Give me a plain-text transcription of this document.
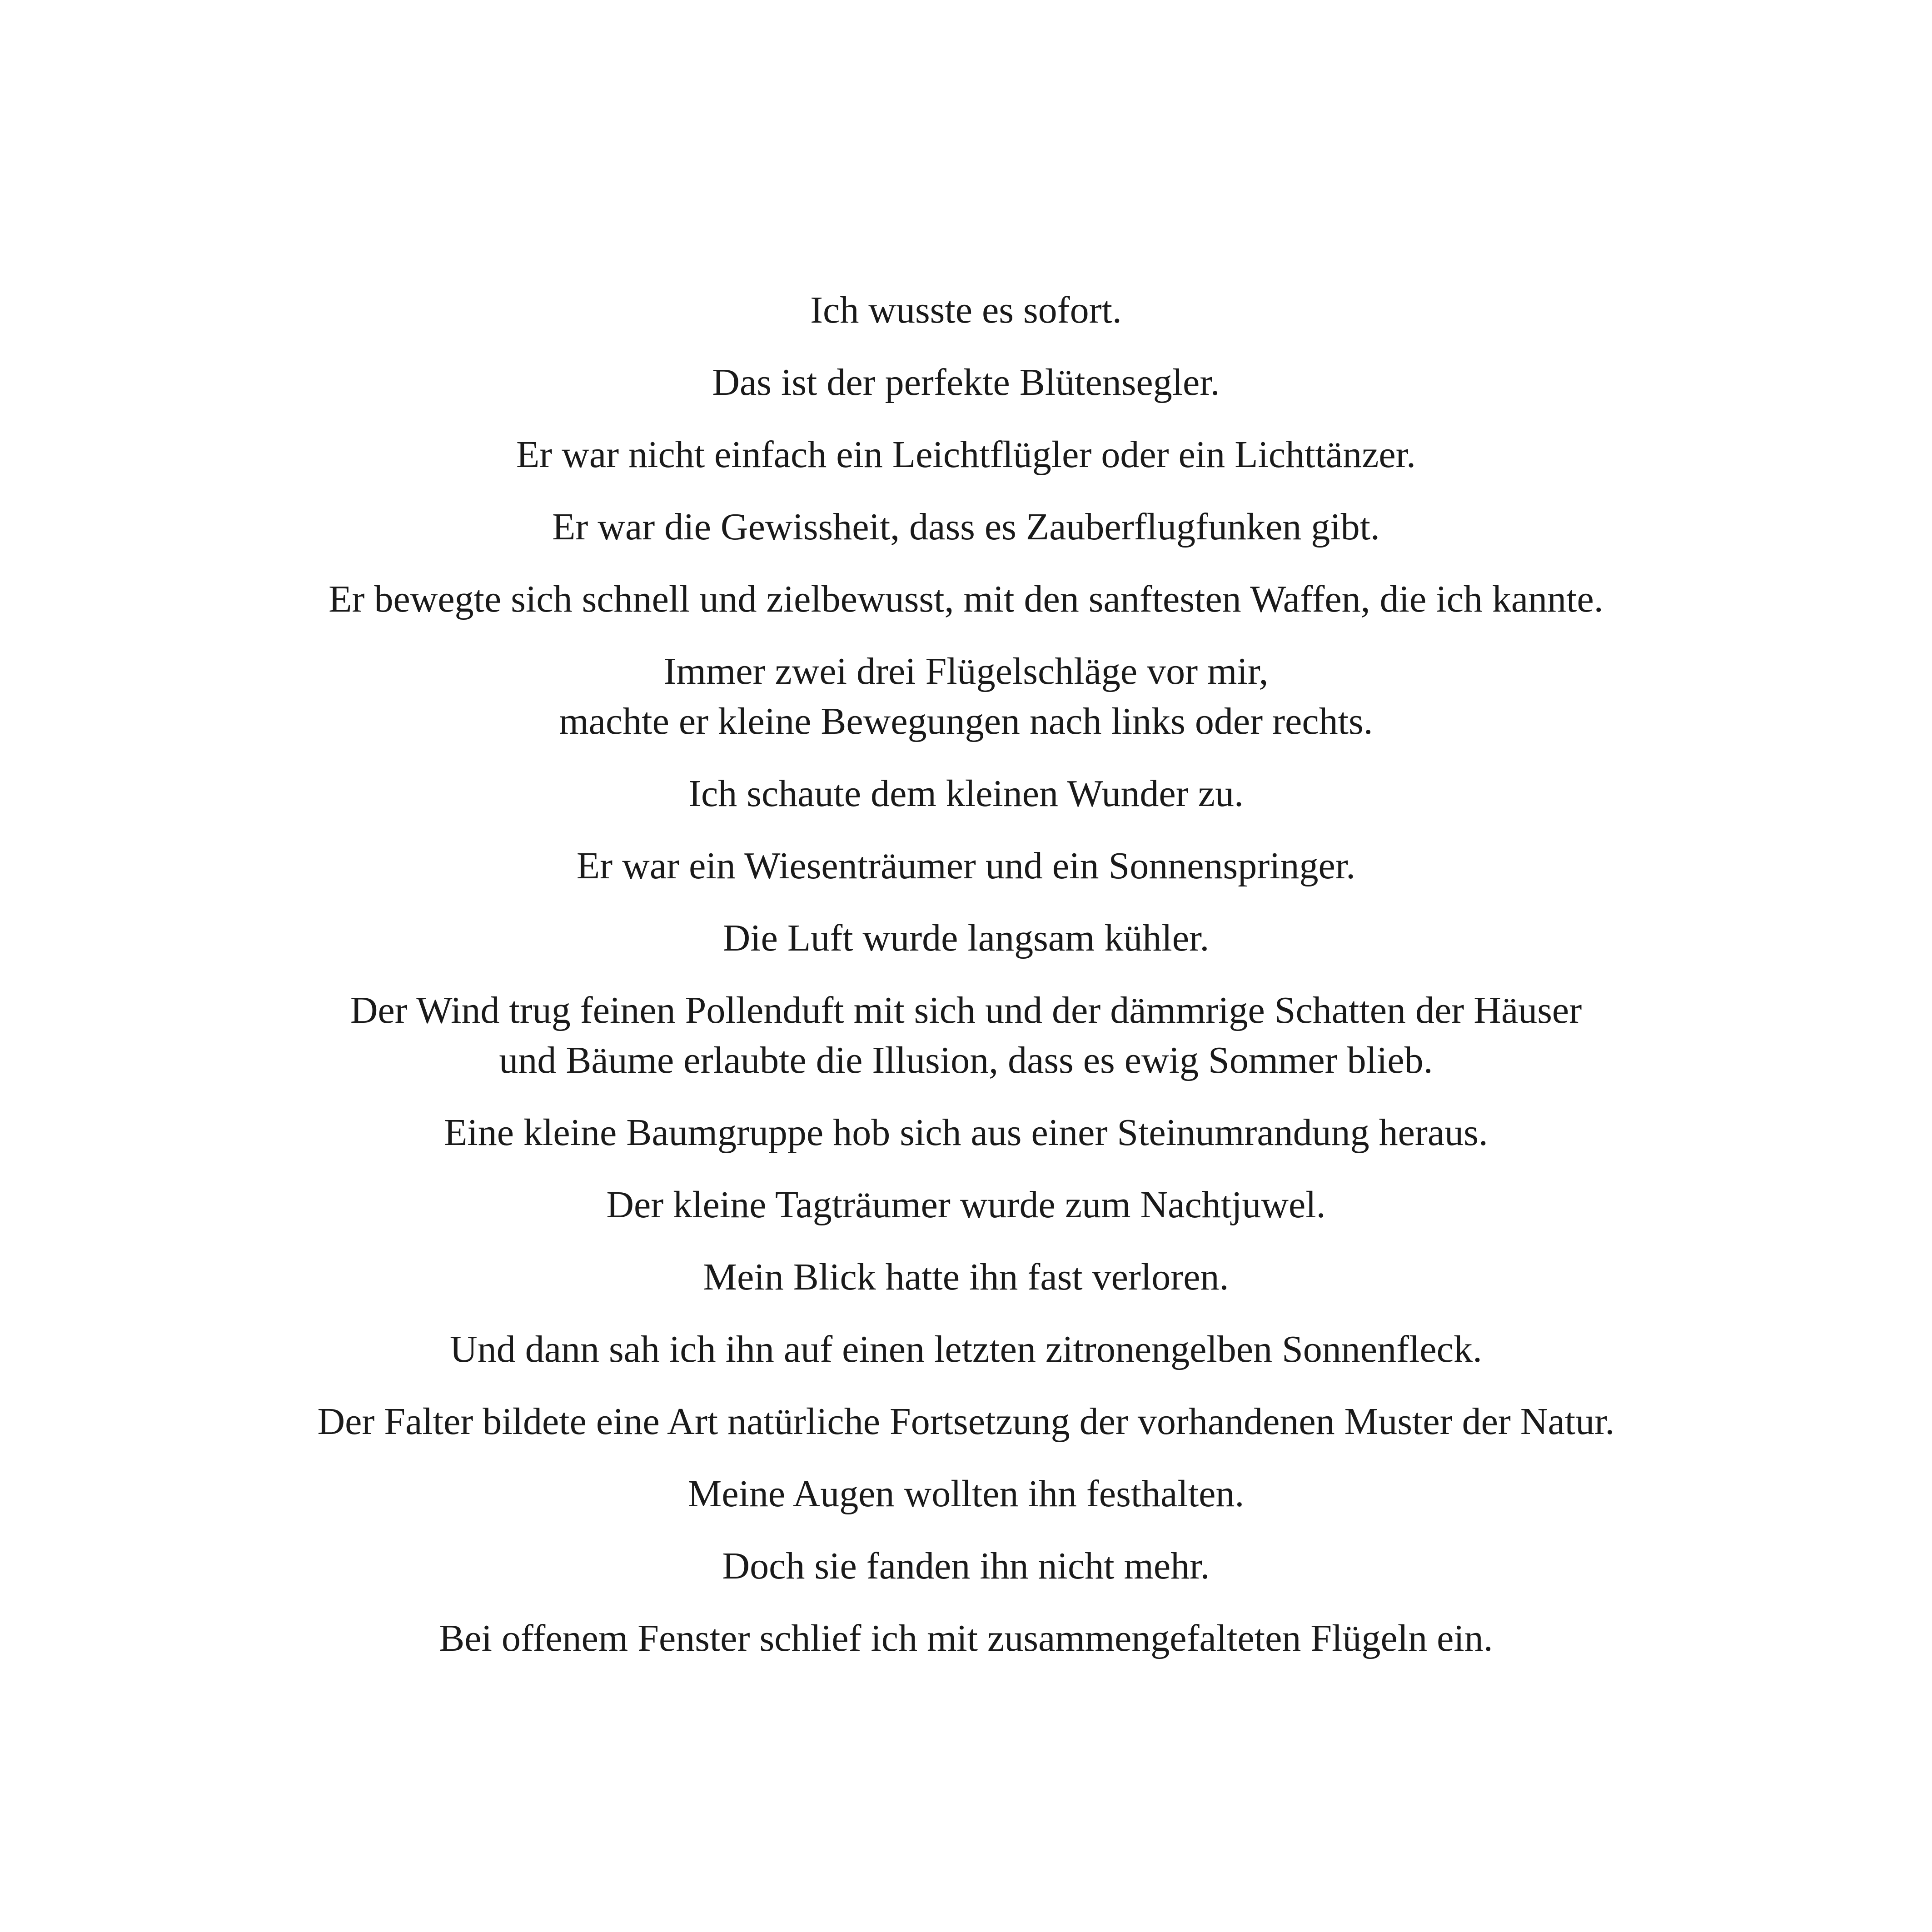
Ich wusste es sofort.

Das ist der perfekte Blütensegler.

Er war nicht einfach ein Leichtflügler oder ein Lichttänzer.

Er war die Gewissheit, dass es Zauberflugfunken gibt.

Er bewegte sich schnell und zielbewusst, mit den sanftesten Waffen, die ich kannte.

Immer zwei drei Flügelschläge vor mir,
machte er kleine Bewegungen nach links oder rechts.

Ich schaute dem kleinen Wunder zu.

Er war ein Wiesenträumer und ein Sonnenspringer.

Die Luft wurde langsam kühler.

Der Wind trug feinen Pollenduft mit sich und der dämmrige Schatten der Häuser
und Bäume erlaubte die Illusion, dass es ewig Sommer blieb.

Eine kleine Baumgruppe hob sich aus einer Steinumrandung heraus.

Der kleine Tagträumer wurde zum Nachtjuwel.

Mein Blick hatte ihn fast verloren.

Und dann sah ich ihn auf einen letzten zitronengelben Sonnenfleck.

Der Falter bildete eine Art natürliche Fortsetzung der vorhandenen Muster der Natur.

Meine Augen wollten ihn festhalten.

Doch sie fanden ihn nicht mehr.

Bei offenem Fenster schlief ich mit zusammengefalteten Flügeln ein.
